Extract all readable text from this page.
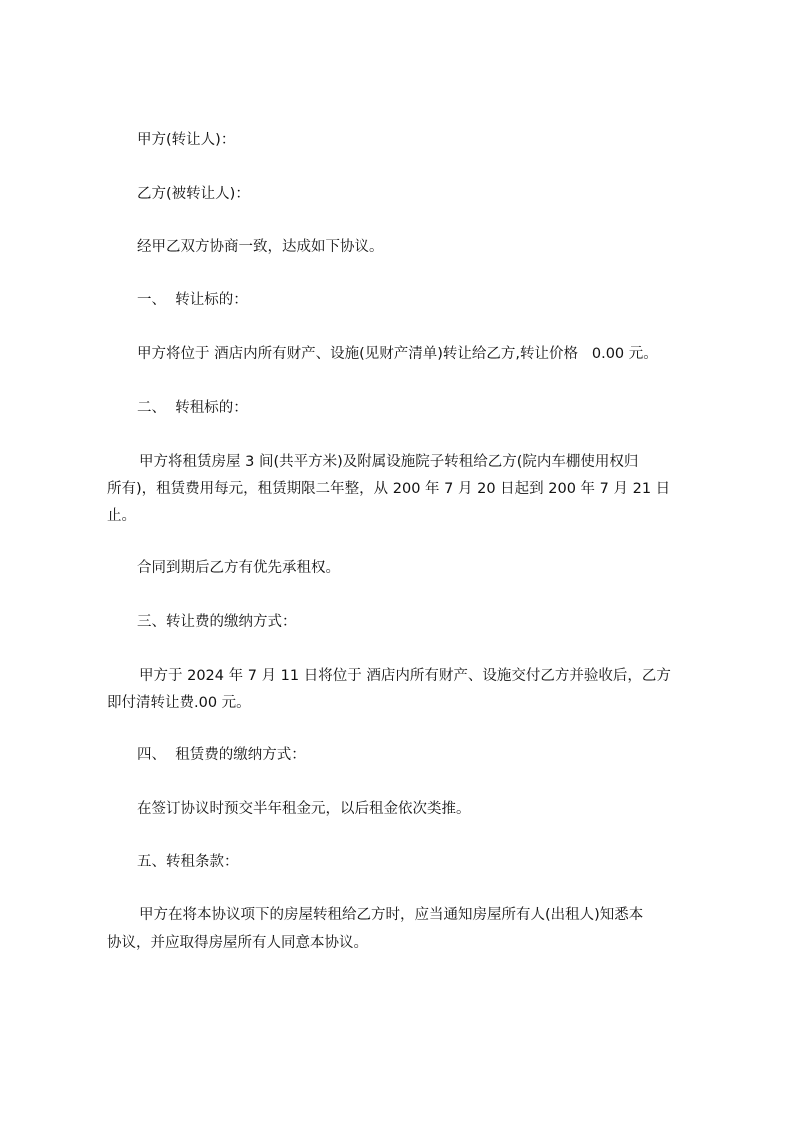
甲方(转让人)：
乙方(被转让人)：
经甲乙双方协商一致，达成如下协议。
一、  转让标的：
甲方将位于 酒店内所有财产、设施(见财产清单)转让给乙方,转让价格   0.00 元。
二、  转租标的：
甲方将租赁房屋 3 间(共平方米)及附属设施院子转租给乙方(院内车棚使用权归
所有)，租赁费用每元，租赁期限二年整，从 200 年 7 月 20 日起到 200 年 7 月 21 日
止。
合同到期后乙方有优先承租权。
三、转让费的缴纳方式：
甲方于 2024 年 7 月 11 日将位于 酒店内所有财产、设施交付乙方并验收后，乙方
即付清转让费.00 元。
四、  租赁费的缴纳方式：
在签订协议时预交半年租金元，以后租金依次类推。
五、转租条款：
甲方在将本协议项下的房屋转租给乙方时，应当通知房屋所有人(出租人)知悉本
协议，并应取得房屋所有人同意本协议。
